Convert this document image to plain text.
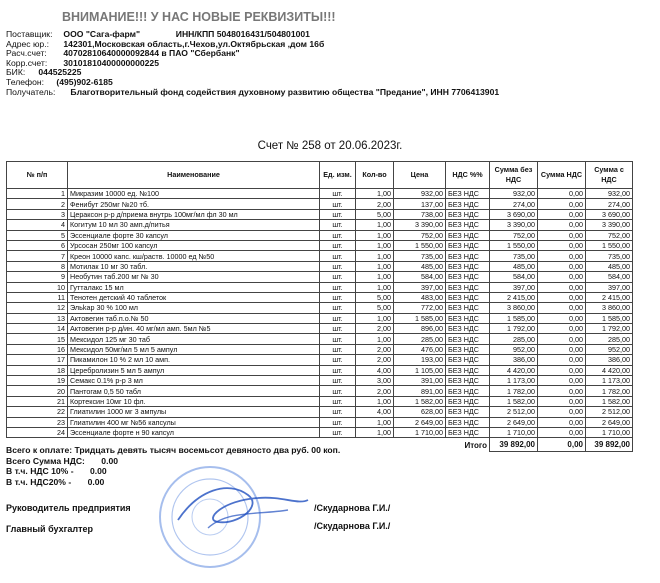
ВНИМАНИЕ!!! У НАС НОВЫЕ РЕКВИЗИТЫ!!!
Поставщик: ООО "Сага-фарм"	ИНН/КПП 5048016431/504801001
Адрес юр.: 142301,Московская область,г.Чехов,ул.Октябрьская ,дом 16б
Расч.счет: 40702810640000092844 в ПАО "Сбербанк"
Корр.счет: 30101810400000000225
БИК: 044525225
Телефон: (495)902-6185
Получатель: Благотворительный фонд содействия духовному развитию общества "Предание", ИНН 7706413901
Счет № 258 от 20.06.2023г.
№ п/п	Наименование	Ед. изм.	Кол-во	Цена	НДС %%	Сумма без НДС	Сумма НДС	Сумма с НДС
1	Микразим 10000 ед. №100	шт.	1,00	932,00	БЕЗ НДС	932,00	0,00	932,00
2	Фенибут 250мг №20 тб.	шт.	2,00	137,00	БЕЗ НДС	274,00	0,00	274,00
3	Цераксон р-р д/приема внутрь 100мг/мл фл 30 мл	шт.	5,00	738,00	БЕЗ НДС	3 690,00	0,00	3 690,00
4	Когитум 10 мл 30 амп.д/питья	шт.	1,00	3 390,00	БЕЗ НДС	3 390,00	0,00	3 390,00
5	Эссенциале форте 30 капсул	шт.	1,00	752,00	БЕЗ НДС	752,00	0,00	752,00
6	Урсосан 250мг 100 капсул	шт.	1,00	1 550,00	БЕЗ НДС	1 550,00	0,00	1 550,00
7	Креон 10000 капс. кш/раств. 10000 ед №50	шт.	1,00	735,00	БЕЗ НДС	735,00	0,00	735,00
8	Мотилак 10 мг 30 табл.	шт.	1,00	485,00	БЕЗ НДС	485,00	0,00	485,00
9	Необутин таб.200 мг № 30	шт.	1,00	584,00	БЕЗ НДС	584,00	0,00	584,00
10	Гутталакс 15 мл	шт.	1,00	397,00	БЕЗ НДС	397,00	0,00	397,00
11	Тенотен детский 40 таблеток	шт.	5,00	483,00	БЕЗ НДС	2 415,00	0,00	2 415,00
12	Эльkар 30 % 100 мл	шт.	5,00	772,00	БЕЗ НДС	3 860,00	0,00	3 860,00
13	Актовегин таб.п.о.№ 50	шт.	1,00	1 585,00	БЕЗ НДС	1 585,00	0,00	1 585,00
14	Актовегин р-р д/ин. 40 мг/мл амп. 5мл №5	шт.	2,00	896,00	БЕЗ НДС	1 792,00	0,00	1 792,00
15	Мексидол 125 мг 30 таб	шт.	1,00	285,00	БЕЗ НДС	285,00	0,00	285,00
16	Мексидол 50мг/мл 5 мл 5 ампул	шт.	2,00	476,00	БЕЗ НДС	952,00	0,00	952,00
17	Пикамилон 10 % 2 мл 10 амп.	шт.	2,00	193,00	БЕЗ НДС	386,00	0,00	386,00
18	Церебролизин 5 мл 5 ампул	шт.	4,00	1 105,00	БЕЗ НДС	4 420,00	0,00	4 420,00
19	Семакс 0.1% р-р 3 мл	шт.	3,00	391,00	БЕЗ НДС	1 173,00	0,00	1 173,00
20	Пантогам 0,5 50 табл	шт.	2,00	891,00	БЕЗ НДС	1 782,00	0,00	1 782,00
21	Кортексин 10мг 10 фл.	шт.	1,00	1 582,00	БЕЗ НДС	1 582,00	0,00	1 582,00
22	Глиатилин 1000 мг 3 ампулы	шт.	4,00	628,00	БЕЗ НДС	2 512,00	0,00	2 512,00
23	Глиатилин 400 мг №56 капсулы	шт.	1,00	2 649,00	БЕЗ НДС	2 649,00	0,00	2 649,00
24	Эссенциале форте н 90 капсул	шт.	1,00	1 710,00	БЕЗ НДС	1 710,00	0,00	1 710,00
					Итого	39 892,00	0,00	39 892,00
Всего к оплате: Тридцать девять тысяч восемьсот девяносто два руб. 00 коп.
Всего Сумма НДС: 0.00
В т.ч. НДС 10% - 0.00
В т.ч. НДС20% - 0.00
Руководитель предприятия	/Скударнова Г.И./
Главный бухгалтер	/Скударнова Г.И./
